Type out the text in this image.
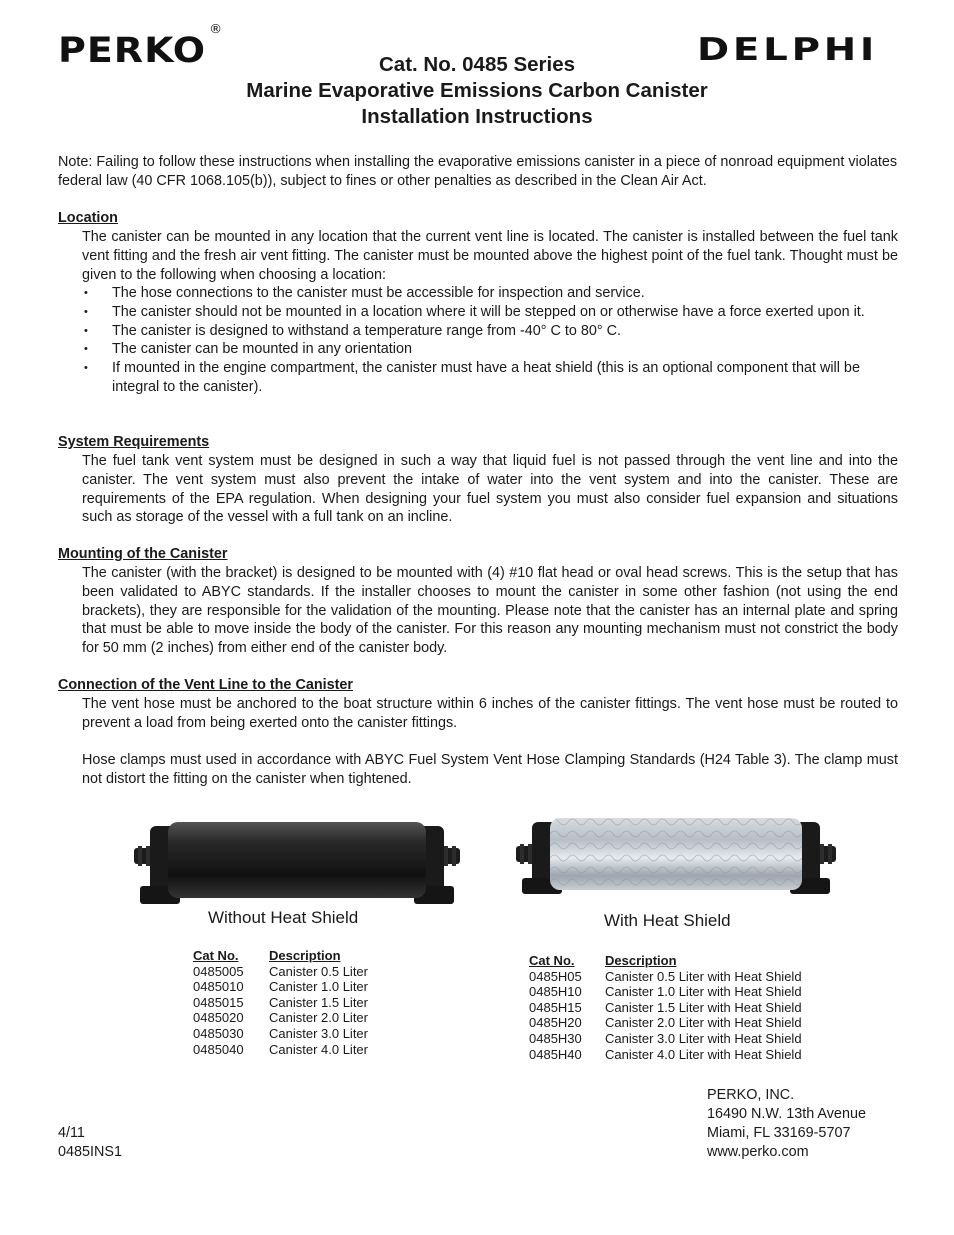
PERKO®
DELPHI
Cat. No. 0485 Series
Marine Evaporative Emissions Carbon Canister
Installation Instructions
Note: Failing to follow these instructions when installing the evaporative emissions canister in a piece of nonroad equipment violates federal law (40 CFR 1068.105(b)), subject to fines or other penalties as described in the Clean Air Act.
Location
The canister can be mounted in any location that the current vent line is located. The canister is installed between the fuel tank vent fitting and the fresh air vent fitting. The canister must be mounted above the highest point of the fuel tank. Thought must be given to the following when choosing a location:
• The hose connections to the canister must be accessible for inspection and service.
• The canister should not be mounted in a location where it will be stepped on or otherwise have a force exerted upon it.
• The canister is designed to withstand a temperature range from -40° C to 80° C.
• The canister can be mounted in any orientation
• If mounted in the engine compartment, the canister must have a heat shield (this is an optional component that will be integral to the canister).
System Requirements
The fuel tank vent system must be designed in such a way that liquid fuel is not passed through the vent line and into the canister. The vent system must also prevent the intake of water into the vent system and into the canister. These are requirements of the EPA regulation. When designing your fuel system you must also consider fuel expansion and situations such as storage of the vessel with a full tank on an incline.
Mounting of the Canister
The canister (with the bracket) is designed to be mounted with (4) #10 flat head or oval head screws. This is the setup that has been validated to ABYC standards. If the installer chooses to mount the canister in some other fashion (not using the end brackets), they are responsible for the validation of the mounting. Please note that the canister has an internal plate and spring that must be able to move inside the body of the canister. For this reason any mounting mechanism must not constrict the body for 50 mm (2 inches) from either end of the canister body.
Connection of the Vent Line to the Canister
The vent hose must be anchored to the boat structure within 6 inches of the canister fittings. The vent hose must be routed to prevent a load from being exerted onto the canister fittings.
Hose clamps must used in accordance with ABYC Fuel System Vent Hose Clamping Standards (H24 Table 3). The clamp must not distort the fitting on the canister when tightened.
Without Heat Shield	With Heat Shield
Cat No.	Description
0485005	Canister 0.5 Liter
0485010	Canister 1.0 Liter
0485015	Canister 1.5 Liter
0485020	Canister 2.0 Liter
0485030	Canister 3.0 Liter
0485040	Canister 4.0 Liter
Cat No.	Description
0485H05	Canister 0.5 Liter with Heat Shield
0485H10	Canister 1.0 Liter with Heat Shield
0485H15	Canister 1.5 Liter with Heat Shield
0485H20	Canister 2.0 Liter with Heat Shield
0485H30	Canister 3.0 Liter with Heat Shield
0485H40	Canister 4.0 Liter with Heat Shield
4/11
0485INS1
PERKO, INC.
16490 N.W. 13th Avenue
Miami, FL 33169-5707
www.perko.com
